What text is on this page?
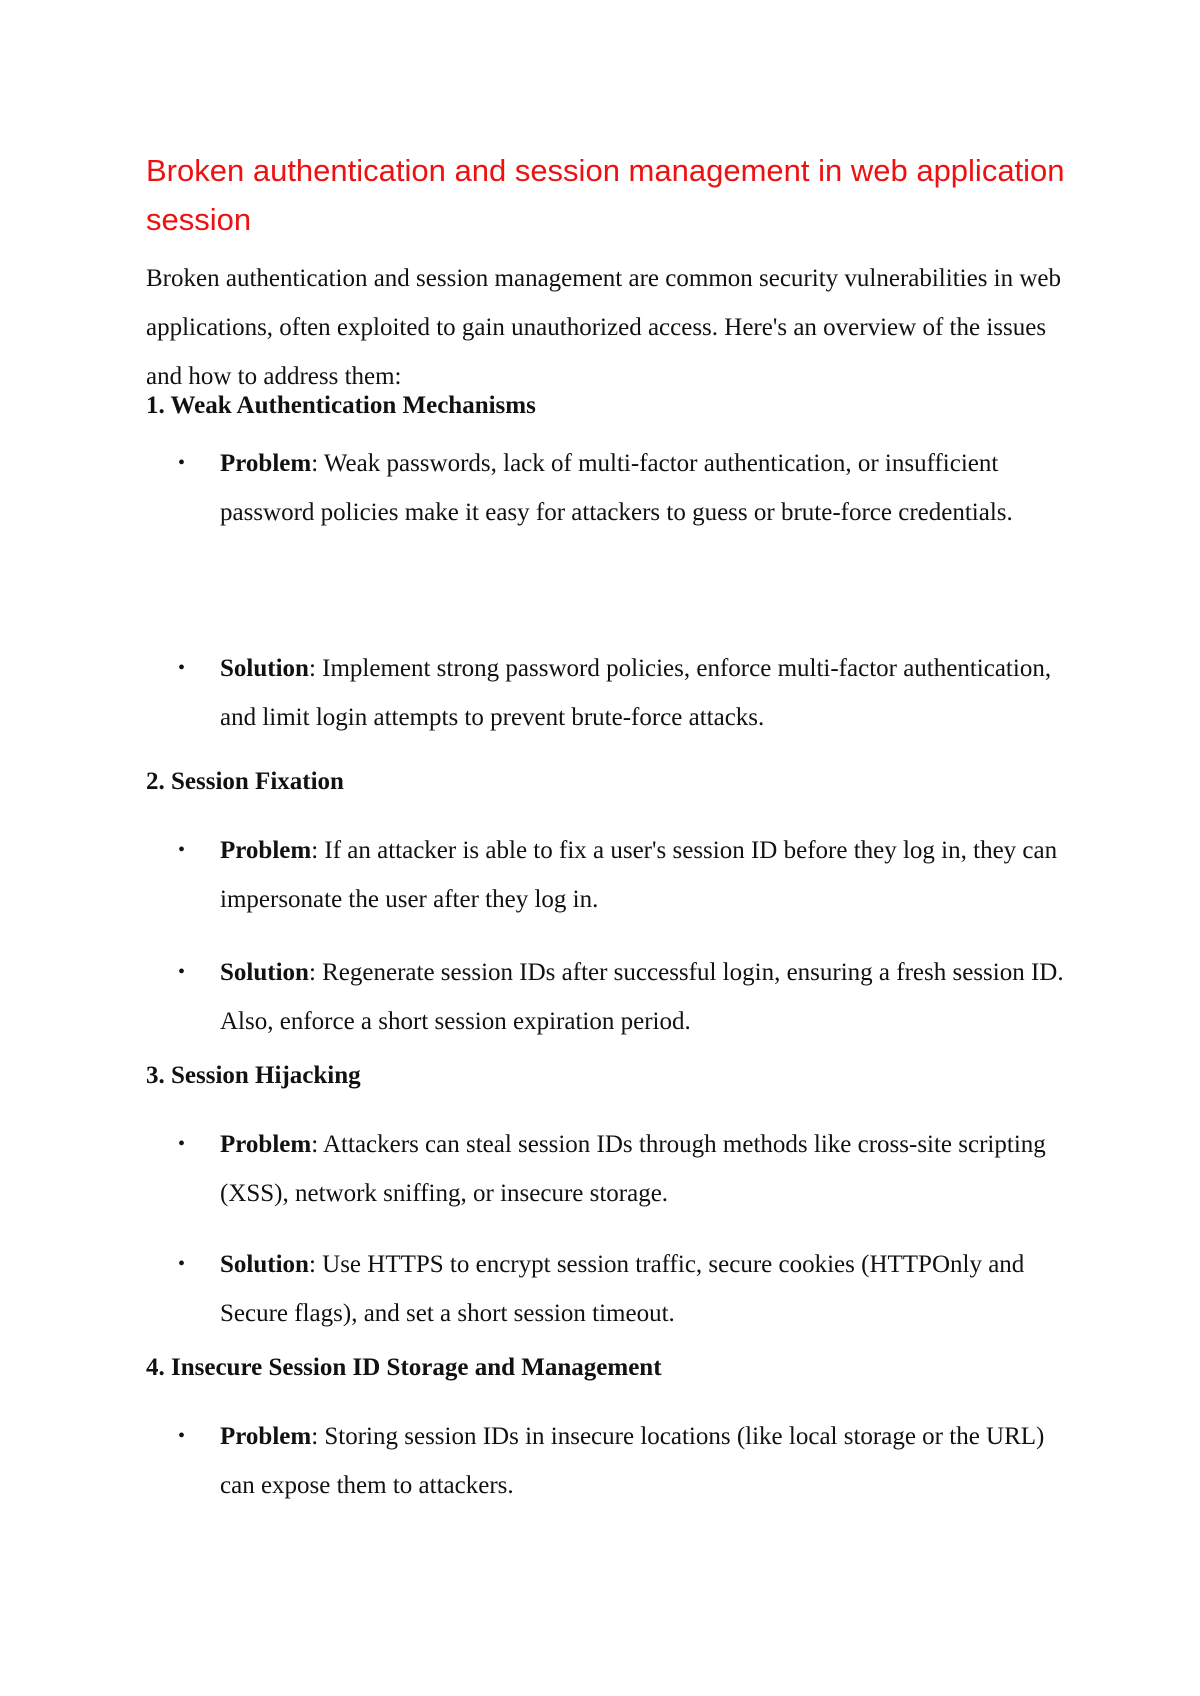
Broken authentication and session management in web application session

Broken authentication and session management are common security vulnerabilities in web applications, often exploited to gain unauthorized access. Here's an overview of the issues and how to address them:

1. Weak Authentication Mechanisms

• Problem: Weak passwords, lack of multi-factor authentication, or insufficient password policies make it easy for attackers to guess or brute-force credentials.

• Solution: Implement strong password policies, enforce multi-factor authentication, and limit login attempts to prevent brute-force attacks.

2. Session Fixation

• Problem: If an attacker is able to fix a user's session ID before they log in, they can impersonate the user after they log in.

• Solution: Regenerate session IDs after successful login, ensuring a fresh session ID. Also, enforce a short session expiration period.

3. Session Hijacking

• Problem: Attackers can steal session IDs through methods like cross-site scripting (XSS), network sniffing, or insecure storage.

• Solution: Use HTTPS to encrypt session traffic, secure cookies (HTTPOnly and Secure flags), and set a short session timeout.

4. Insecure Session ID Storage and Management

• Problem: Storing session IDs in insecure locations (like local storage or the URL) can expose them to attackers.
